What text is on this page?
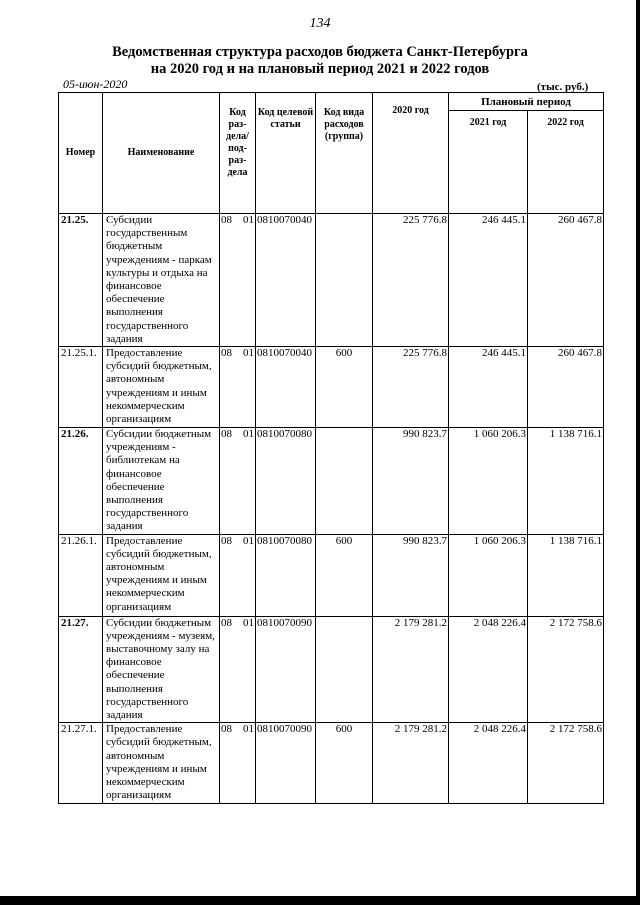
134
Ведомственная структура расходов бюджета Санкт-Петербурга
на 2020 год и на плановый период 2021 и 2022 годов
05-июн-2020	(тыс. руб.)
Номер	Наименование	Код раз-дела/ под-раз-дела	Код целевой статьи	Код вида расходов (группа)	2020 год	Плановый период	
						2021 год	2022 год
21.25.	Субсидии государственным бюджетным учреждениям - паркам культуры и отдыха на финансовое обеспечение выполнения государственного задания	08 01	0810070040		225 776.8	246 445.1	260 467.8
21.25.1.	Предоставление субсидий бюджетным, автономным учреждениям и иным некоммерческим организациям	08 01	0810070040	600	225 776.8	246 445.1	260 467.8
21.26.	Субсидии бюджетным учреждениям - библиотекам на финансовое обеспечение выполнения государственного задания	08 01	0810070080		990 823.7	1 060 206.3	1 138 716.1
21.26.1.	Предоставление субсидий бюджетным, автономным учреждениям и иным некоммерческим организациям	08 01	0810070080	600	990 823.7	1 060 206.3	1 138 716.1
21.27.	Субсидии бюджетным учреждениям - музеям, выставочному залу на финансовое обеспечение выполнения государственного задания	08 01	0810070090		2 179 281.2	2 048 226.4	2 172 758.6
21.27.1.	Предоставление субсидий бюджетным, автономным учреждениям и иным некоммерческим организациям	08 01	0810070090	600	2 179 281.2	2 048 226.4	2 172 758.6
